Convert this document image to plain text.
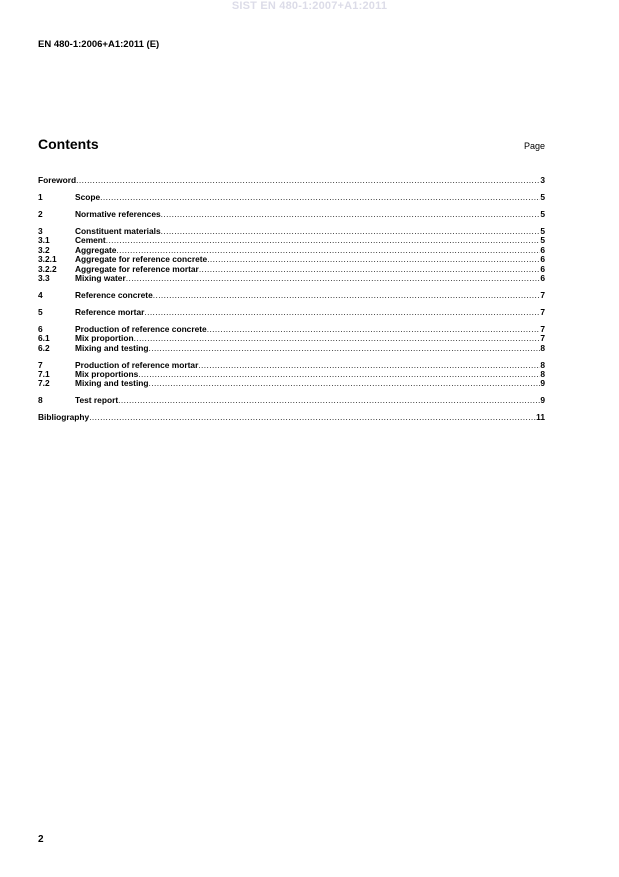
SIST EN 480-1:2007+A1:2011
EN 480-1:2006+A1:2011 (E)
Contents	Page
Foreword .....	3
1	Scope .....	5
2	Normative references .....	5
3	Constituent materials .....	5
3.1	Cement .....	5
3.2	Aggregate .....	6
3.2.1	Aggregate for reference concrete .....	6
3.2.2	Aggregate for reference mortar .....	6
3.3	Mixing water .....	6
4	Reference concrete .....	7
5	Reference mortar .....	7
6	Production of reference concrete .....	7
6.1	Mix proportion .....	7
6.2	Mixing and testing .....	8
7	Production of reference mortar .....	8
7.1	Mix proportions .....	8
7.2	Mixing and testing .....	9
8	Test report .....	9
Bibliography .....	11
2
